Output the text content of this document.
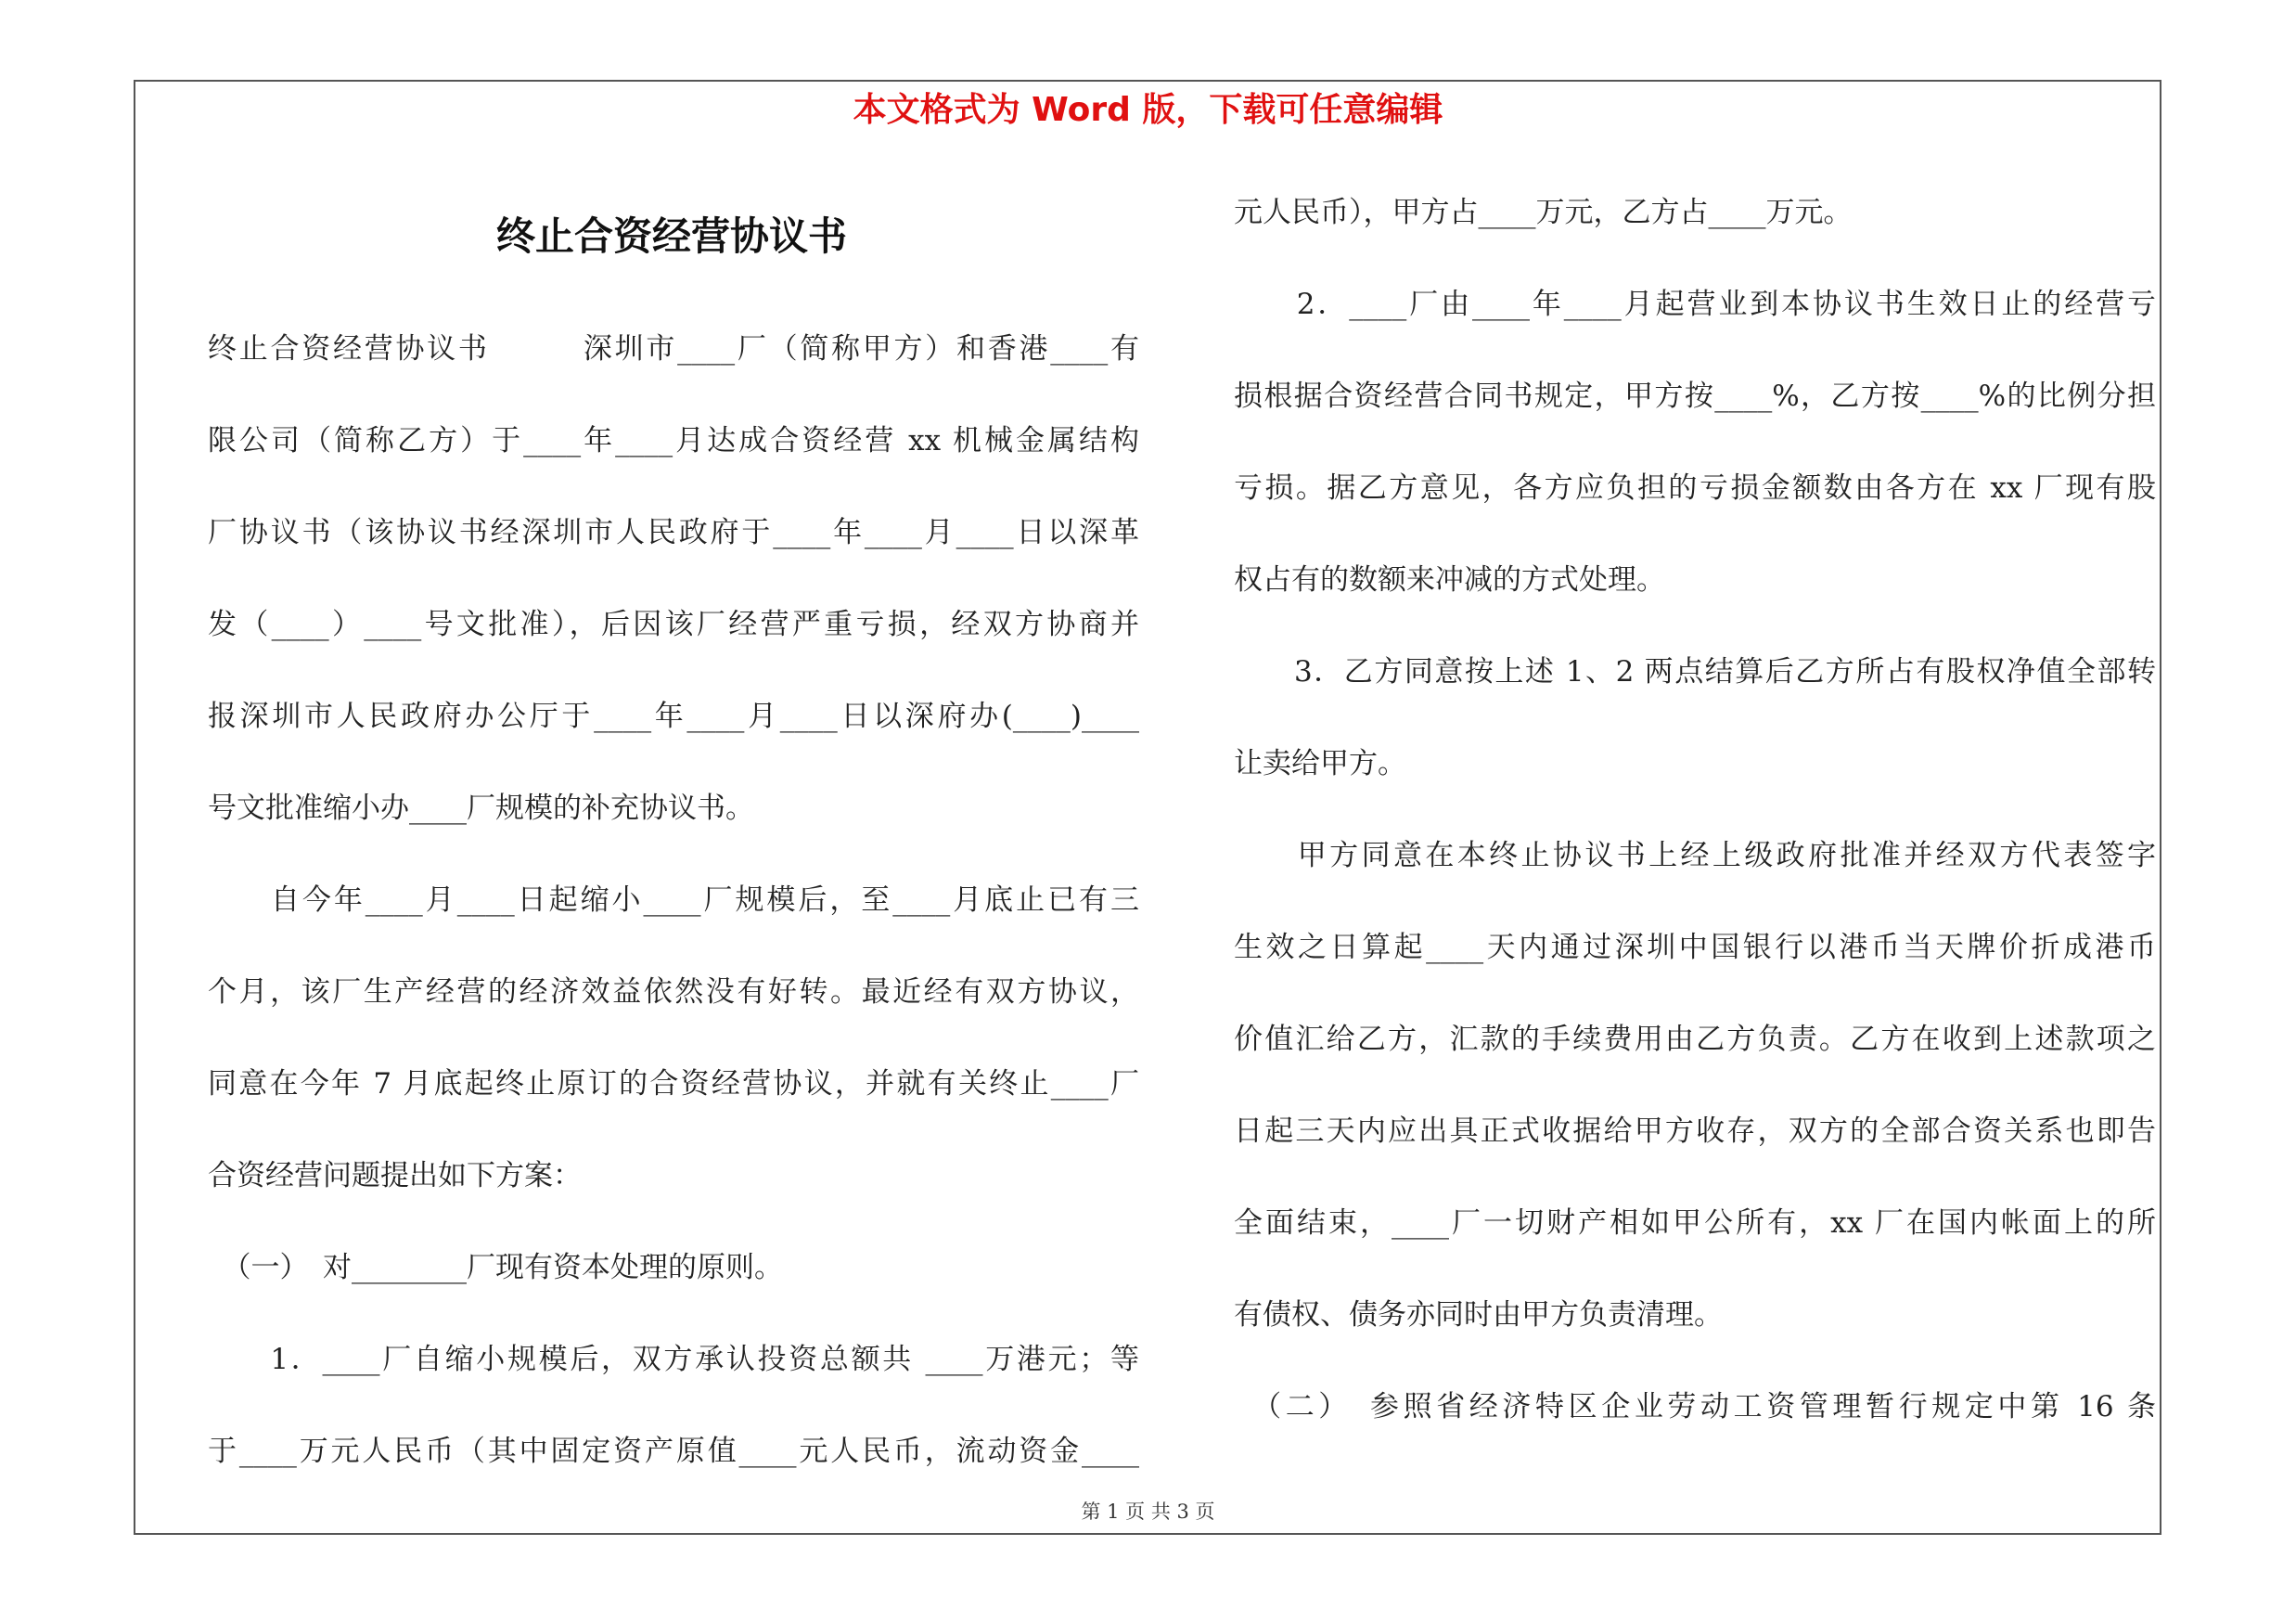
本文格式为 Word 版，下载可任意编辑
终止合资经营协议书
终止合资经营协议书　　　深圳市____厂（简称甲方）和香港____有
限公司（简称乙方）于____年____月达成合资经营 xx 机械金属结构
厂协议书（该协议书经深圳市人民政府于____年____月____日以深革
发（____）____号文批准），后因该厂经营严重亏损，经双方协商并
报深圳市人民政府办公厅于____年____月____日以深府办(____)____
号文批准缩小办____厂规模的补充协议书。
　　自今年____月____日起缩小____厂规模后，至____月底止已有三
个月，该厂生产经营的经济效益依然没有好转。最近经有双方协议，
同意在今年 7 月底起终止原订的合资经营协议，并就有关终止____厂
合资经营问题提出如下方案：
　（一）　对________厂现有资本处理的原则。
　　1．____厂自缩小规模后，双方承认投资总额共 ____万港元；等
于____万元人民币（其中固定资产原值____元人民币，流动资金____
元人民币），甲方占____万元，乙方占____万元。
　　2．____厂由____年____月起营业到本协议书生效日止的经营亏
损根据合资经营合同书规定，甲方按____%，乙方按____%的比例分担
亏损。据乙方意见，各方应负担的亏损金额数由各方在 xx 厂现有股
权占有的数额来冲减的方式处理。
　　3．乙方同意按上述 1、2 两点结算后乙方所占有股权净值全部转
让卖给甲方。
　　甲方同意在本终止协议书上经上级政府批准并经双方代表签字
生效之日算起____天内通过深圳中国银行以港币当天牌价折成港币
价值汇给乙方，汇款的手续费用由乙方负责。乙方在收到上述款项之
日起三天内应出具正式收据给甲方收存，双方的全部合资关系也即告
全面结束，____厂一切财产相如甲公所有，xx 厂在国内帐面上的所
有债权、债务亦同时由甲方负责清理。
　（二）　参照省经济特区企业劳动工资管理暂行规定中第 16 条
第 1 页 共 3 页
